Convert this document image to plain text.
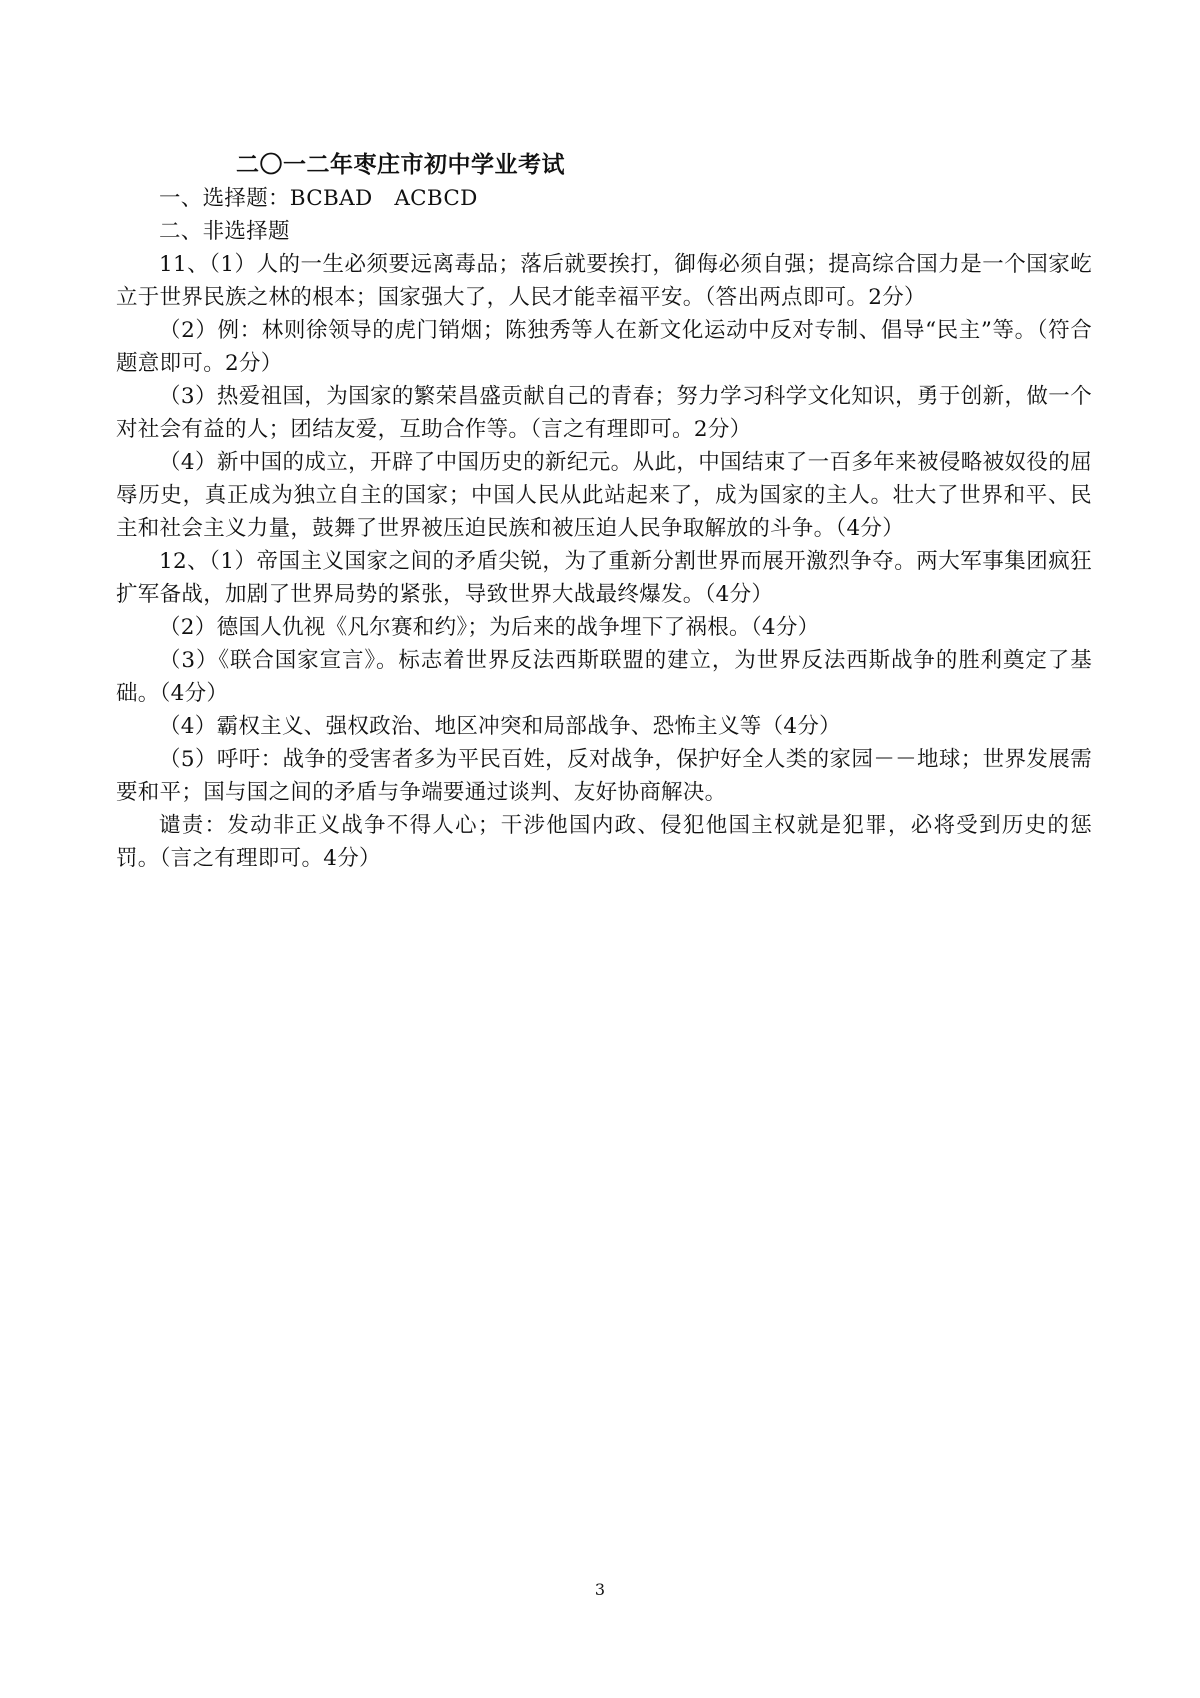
二〇一二年枣庄市初中学业考试

一、选择题：BCBAD　ACBCD

二、非选择题

11、（1）人的一生必须要远离毒品；落后就要挨打，御侮必须自强；提高综合国力是一个国家屹立于世界民族之林的根本；国家强大了，人民才能幸福平安。（答出两点即可。2分）

（2）例：林则徐领导的虎门销烟；陈独秀等人在新文化运动中反对专制、倡导“民主”等。（符合题意即可。2分）

（3）热爱祖国，为国家的繁荣昌盛贡献自己的青春；努力学习科学文化知识，勇于创新，做一个对社会有益的人；团结友爱，互助合作等。（言之有理即可。2分）

（4）新中国的成立，开辟了中国历史的新纪元。从此，中国结束了一百多年来被侵略被奴役的屈辱历史，真正成为独立自主的国家；中国人民从此站起来了，成为国家的主人。壮大了世界和平、民主和社会主义力量，鼓舞了世界被压迫民族和被压迫人民争取解放的斗争。（4分）

12、（1）帝国主义国家之间的矛盾尖锐，为了重新分割世界而展开激烈争夺。两大军事集团疯狂扩军备战，加剧了世界局势的紧张，导致世界大战最终爆发。（4分）

（2）德国人仇视《凡尔赛和约》；为后来的战争埋下了祸根。（4分）

（3）《联合国家宣言》。标志着世界反法西斯联盟的建立，为世界反法西斯战争的胜利奠定了基础。（4分）

（4）霸权主义、强权政治、地区冲突和局部战争、恐怖主义等（4分）

（5）呼吁：战争的受害者多为平民百姓，反对战争，保护好全人类的家园－－地球；世界发展需要和平；国与国之间的矛盾与争端要通过谈判、友好协商解决。

谴责：发动非正义战争不得人心；干涉他国内政、侵犯他国主权就是犯罪，必将受到历史的惩罚。（言之有理即可。4分）

3
